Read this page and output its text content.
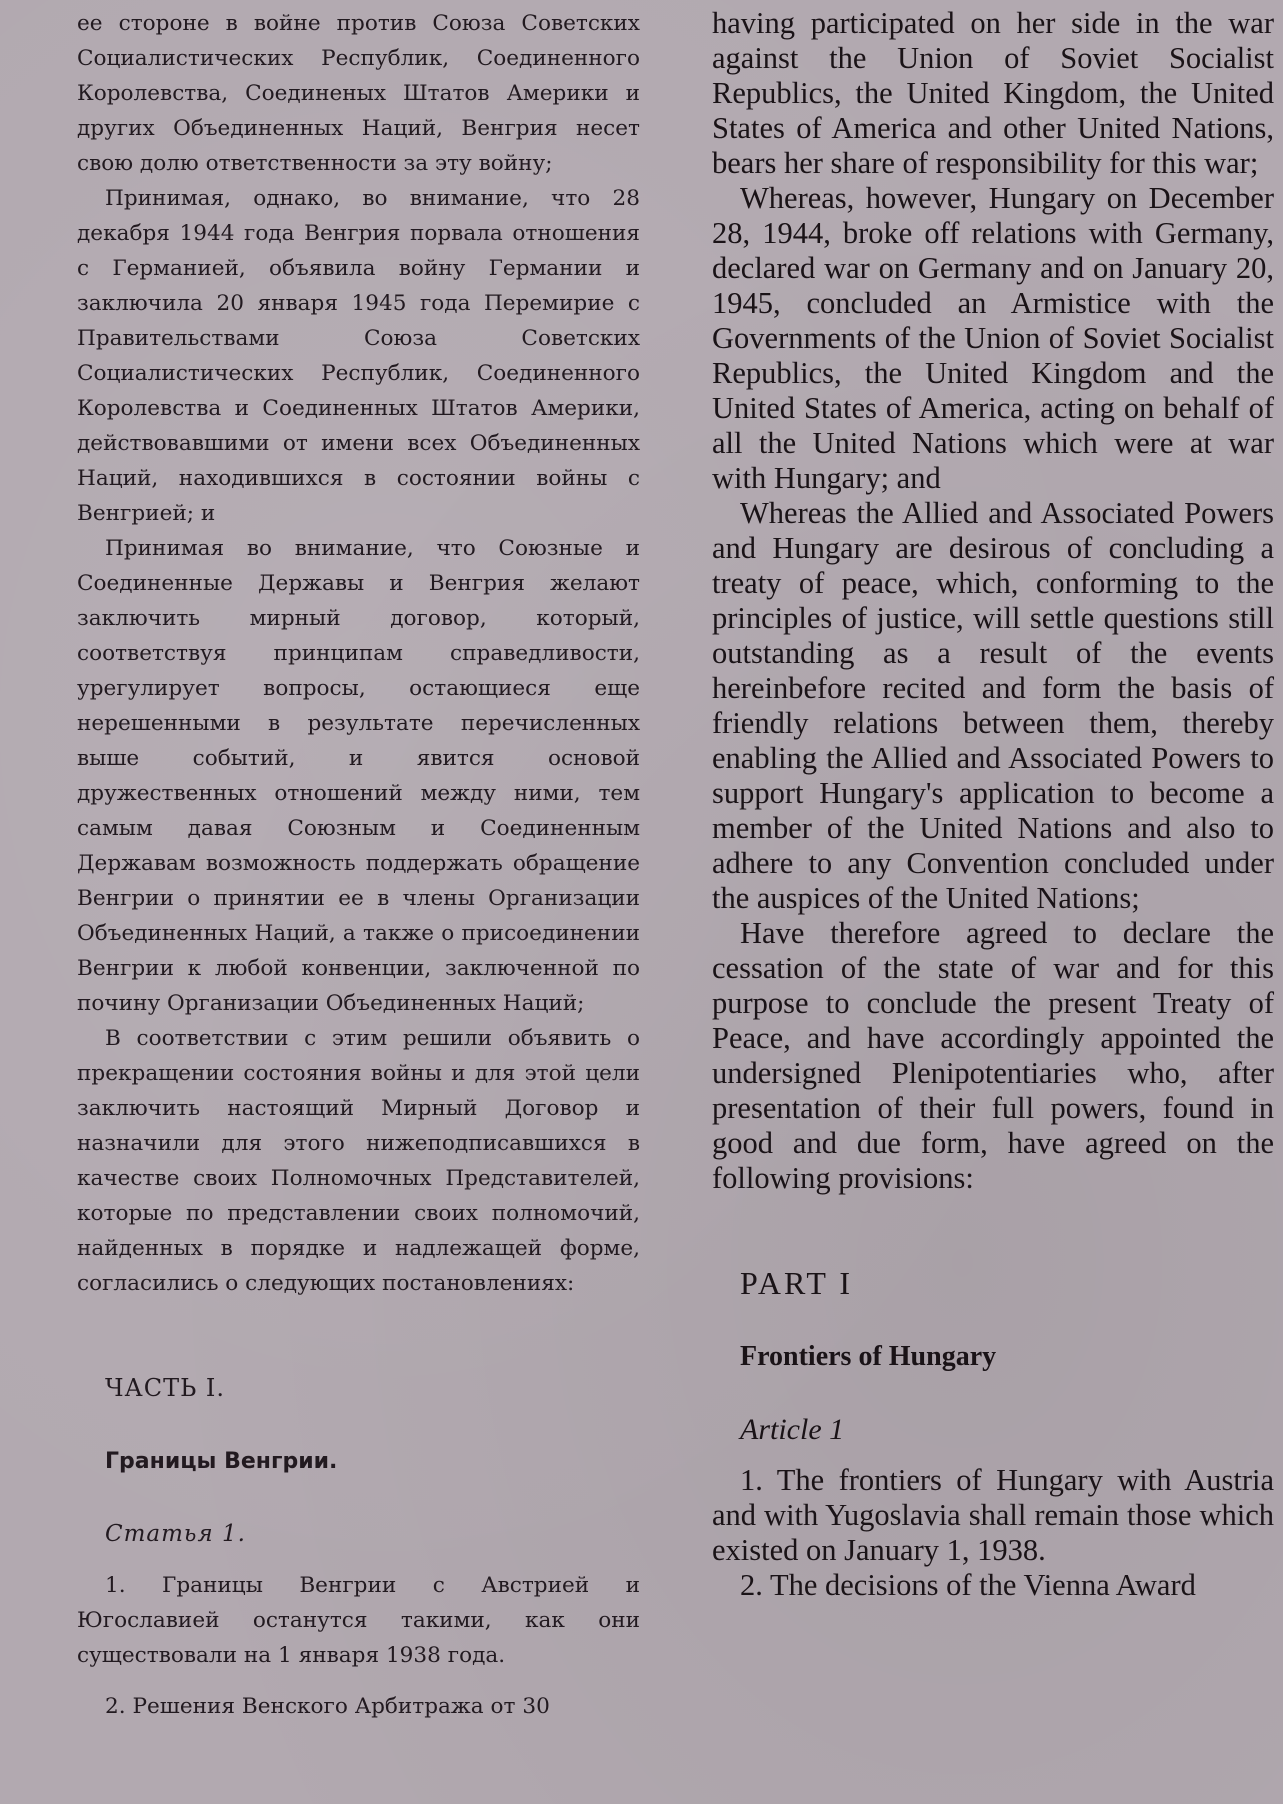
ее стороне в войне против Союза Советских Социалистических Республик, Соединенного Королевства, Соединеных Штатов Америки и других Объединенных Наций, Венгрия несет свою долю ответственности за эту войну;

Принимая, однако, во внимание, что 28 декабря 1944 года Венгрия порвала отношения с Германией, объявила войну Германии и заключила 20 января 1945 года Перемирие с Правительствами Союза Советских Социалистических Республик, Соединенного Королевства и Соединенных Штатов Америки, действовавшими от имени всех Объединенных Наций, находившихся в состоянии войны с Венгрией; и

Принимая во внимание, что Союзные и Соединенные Державы и Венгрия желают заключить мирный договор, который, соответствуя принципам справедливости, урегулирует вопросы, остающиеся еще нерешенными в результате перечисленных выше событий, и явится основой дружественных отношений между ними, тем самым давая Союзным и Соединенным Державам возможность поддержать обращение Венгрии о принятии ее в члены Организации Объединенных Наций, а также о присоединении Венгрии к любой конвенции, заключенной по почину Организации Объединенных Наций;

В соответствии с этим решили объявить о прекращении состояния войны и для этой цели заключить настоящий Мирный Договор и назначили для этого нижеподписавшихся в качестве своих Полномочных Представителей, которые по представлении своих полномочий, найденных в порядке и надлежащей форме, согласились о следующих постановлениях:

ЧАСТЬ I.

Границы Венгрии.

Статья 1.

1. Границы Венгрии с Австрией и Югославией останутся такими, как они существовали на 1 января 1938 года.

2. Решения Венского Арбитража от 30

having participated on her side in the war against the Union of Soviet Socialist Republics, the United Kingdom, the United States of America and other United Nations, bears her share of responsibility for this war;

Whereas, however, Hungary on December 28, 1944, broke off relations with Germany, declared war on Germany and on January 20, 1945, concluded an Armistice with the Governments of the Union of Soviet Socialist Republics, the United Kingdom and the United States of America, acting on behalf of all the United Nations which were at war with Hungary; and

Whereas the Allied and Associated Powers and Hungary are desirous of concluding a treaty of peace, which, conforming to the principles of justice, will settle questions still outstanding as a result of the events hereinbefore recited and form the basis of friendly relations between them, thereby enabling the Allied and Associated Powers to support Hungary's application to become a member of the United Nations and also to adhere to any Convention concluded under the auspices of the United Nations;

Have therefore agreed to declare the cessation of the state of war and for this purpose to conclude the present Treaty of Peace, and have accordingly appointed the undersigned Plenipotentiaries who, after presentation of their full powers, found in good and due form, have agreed on the following provisions:

PART I

Frontiers of Hungary

Article 1

1. The frontiers of Hungary with Austria and with Yugoslavia shall remain those which existed on January 1, 1938.

2. The decisions of the Vienna Award
